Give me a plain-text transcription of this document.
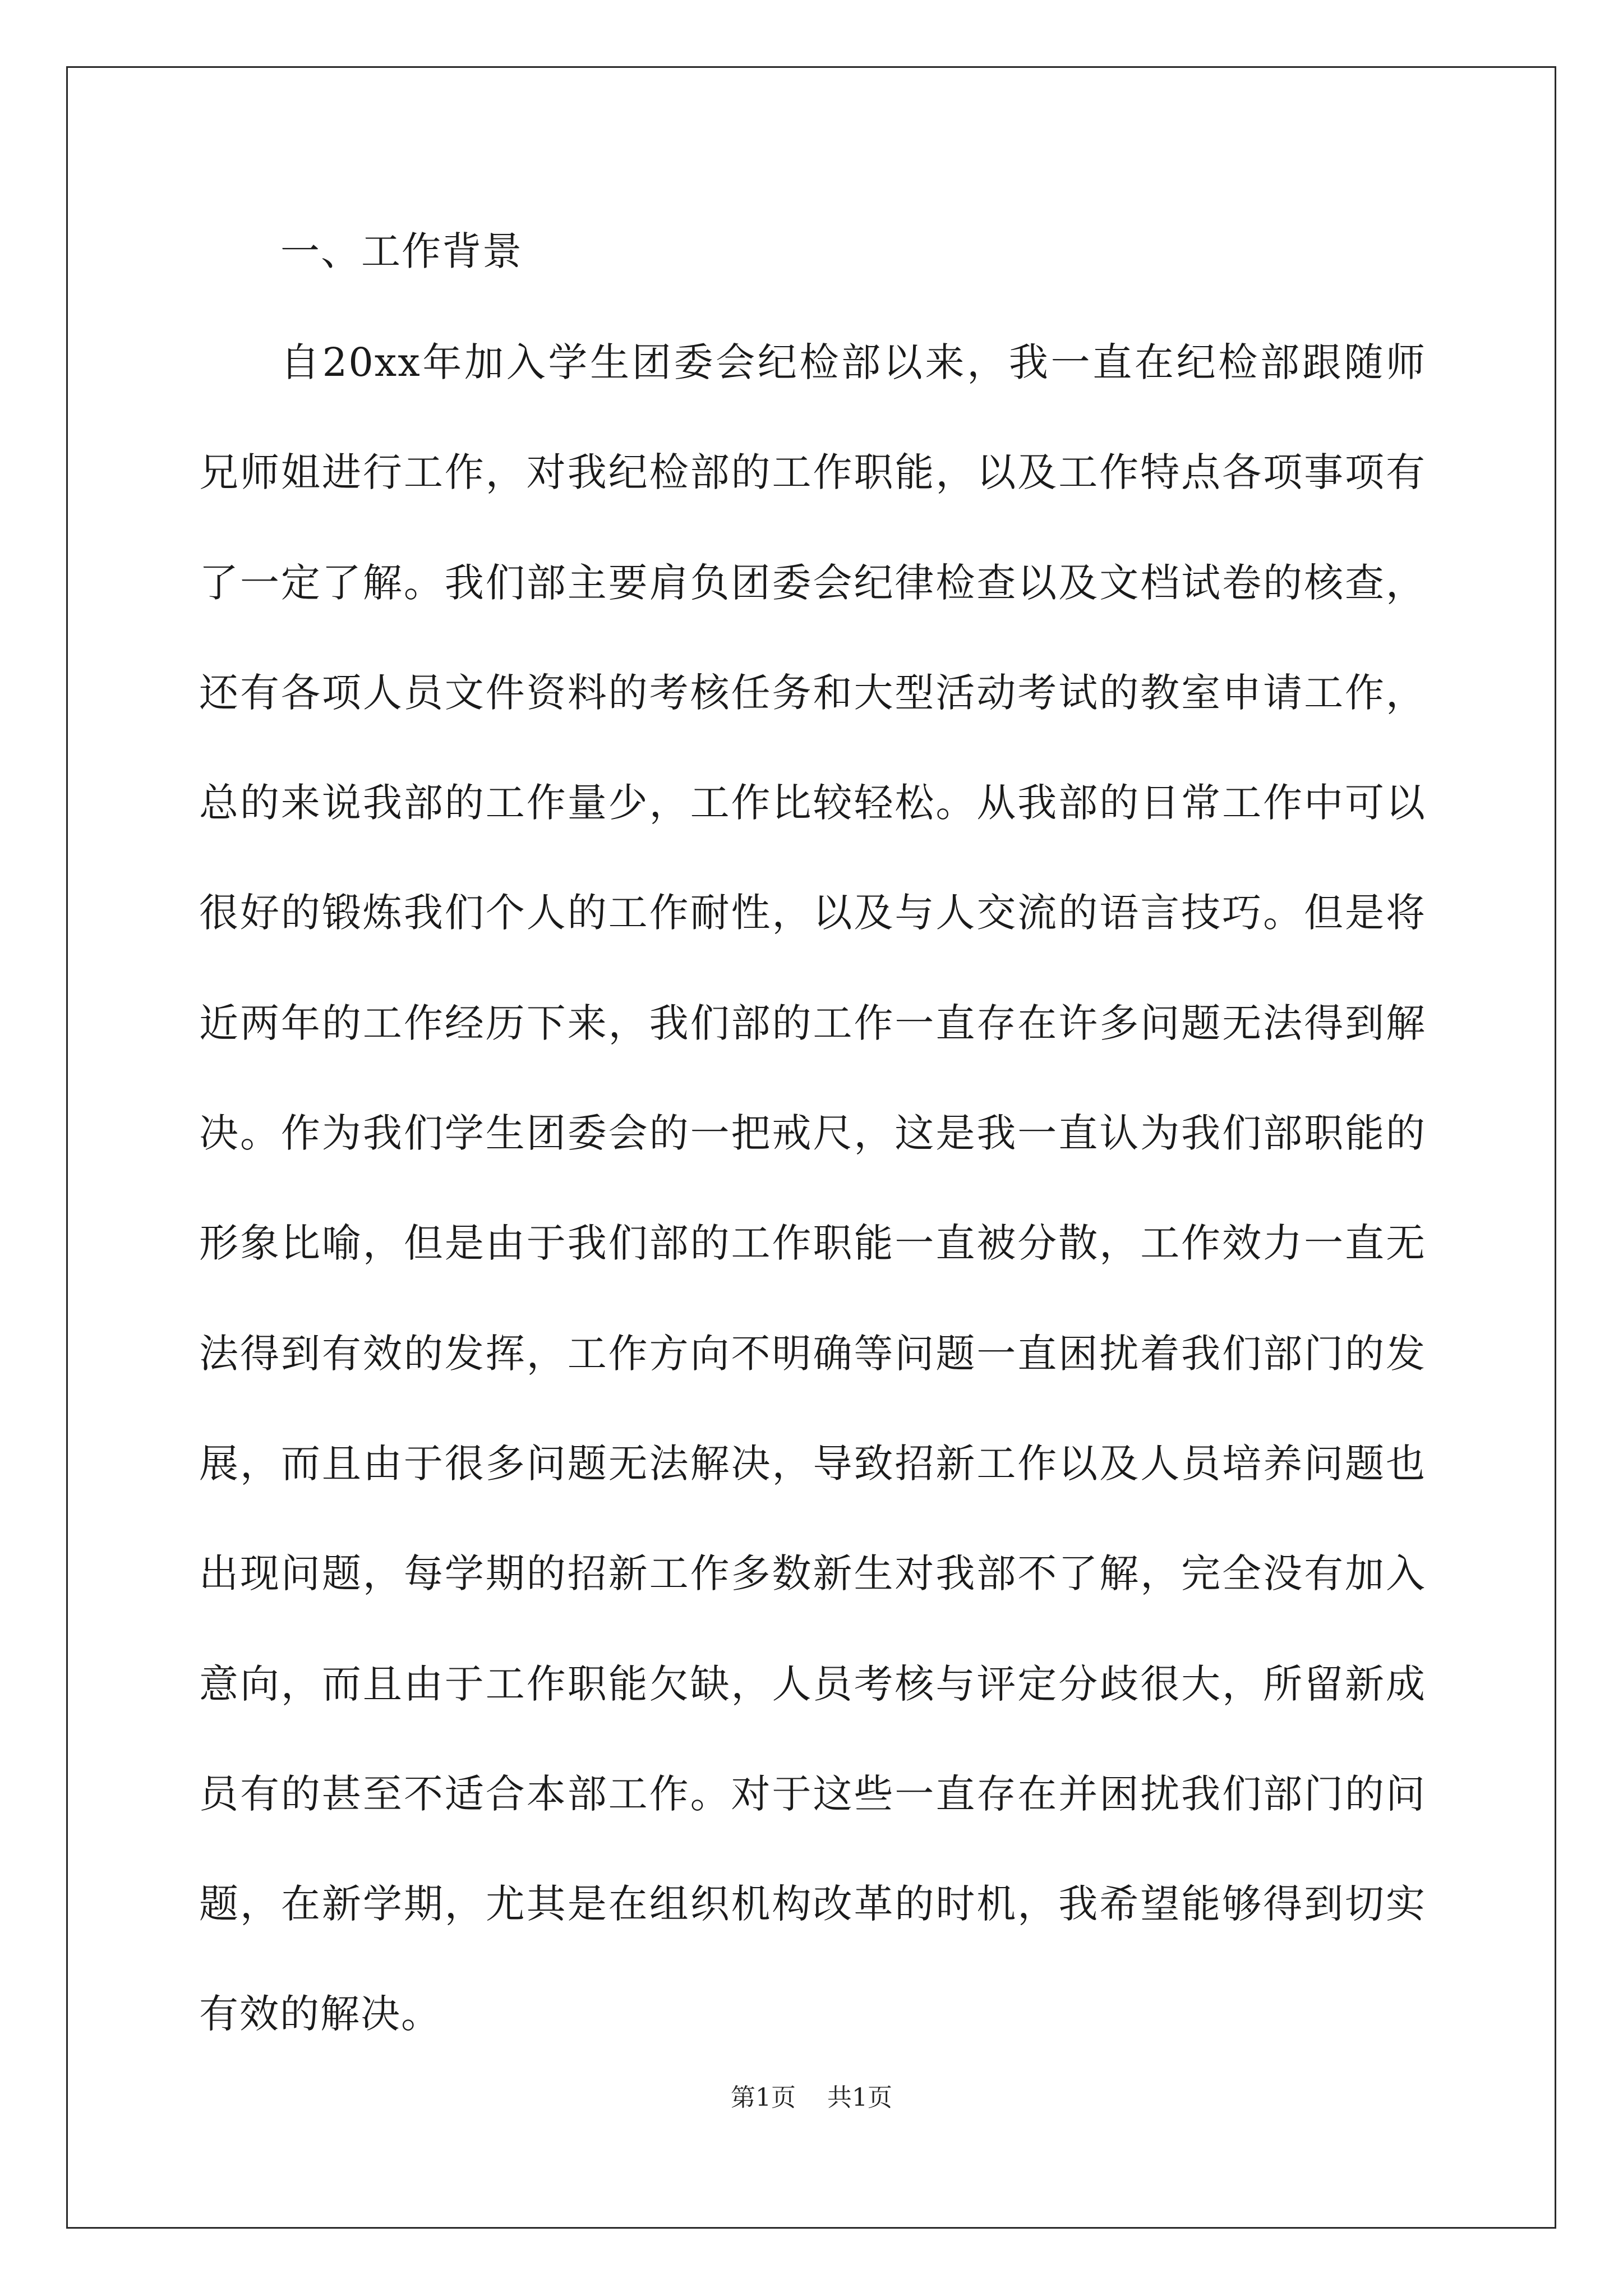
一、工作背景

自20xx年加入学生团委会纪检部以来，我一直在纪检部跟随师兄师姐进行工作，对我纪检部的工作职能，以及工作特点各项事项有了一定了解。我们部主要肩负团委会纪律检查以及文档试卷的核查，还有各项人员文件资料的考核任务和大型活动考试的教室申请工作，总的来说我部的工作量少，工作比较轻松。从我部的日常工作中可以很好的锻炼我们个人的工作耐性，以及与人交流的语言技巧。但是将近两年的工作经历下来，我们部的工作一直存在许多问题无法得到解决。作为我们学生团委会的一把戒尺，这是我一直认为我们部职能的形象比喻，但是由于我们部的工作职能一直被分散，工作效力一直无法得到有效的发挥，工作方向不明确等问题一直困扰着我们部门的发展，而且由于很多问题无法解决，导致招新工作以及人员培养问题也出现问题，每学期的招新工作多数新生对我部不了解，完全没有加入意向，而且由于工作职能欠缺，人员考核与评定分歧很大，所留新成员有的甚至不适合本部工作。对于这些一直存在并困扰我们部门的问题，在新学期，尤其是在组织机构改革的时机，我希望能够得到切实有效的解决。

第1页 共1页
